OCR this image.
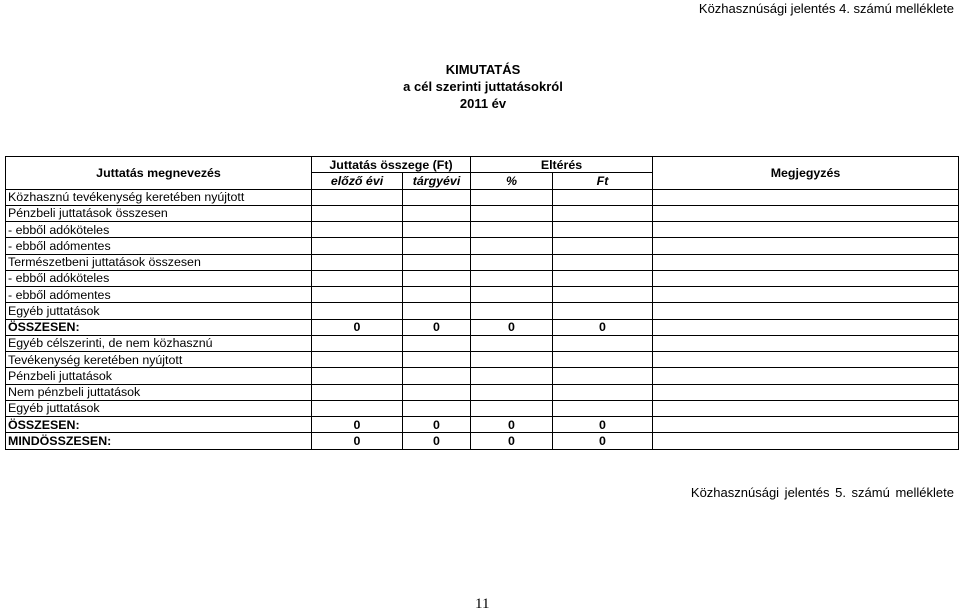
Közhasznúsági jelentés 4. számú melléklete
KIMUTATÁS
a cél szerinti juttatásokról
2011 év
Juttatás megnevezés	Juttatás összege (Ft)		Eltérés		Megjegyzés
	előző évi	tárgyévi	%	Ft	
Közhasznú tevékenység keretében nyújtott					
Pénzbeli juttatások összesen					
- ebből adóköteles					
- ebből adómentes					
Természetbeni juttatások összesen					
- ebből adóköteles					
- ebből adómentes					
Egyéb juttatások					
ÖSSZESEN:	0	0	0	0	
Egyéb célszerinti, de nem közhasznú					
Tevékenység keretében nyújtott					
Pénzbeli juttatások					
Nem pénzbeli juttatások					
Egyéb juttatások					
ÖSSZESEN:	0	0	0	0	
MINDÖSSZESEN:	0	0	0	0	
Közhasznúsági jelentés 5. számú melléklete
11
